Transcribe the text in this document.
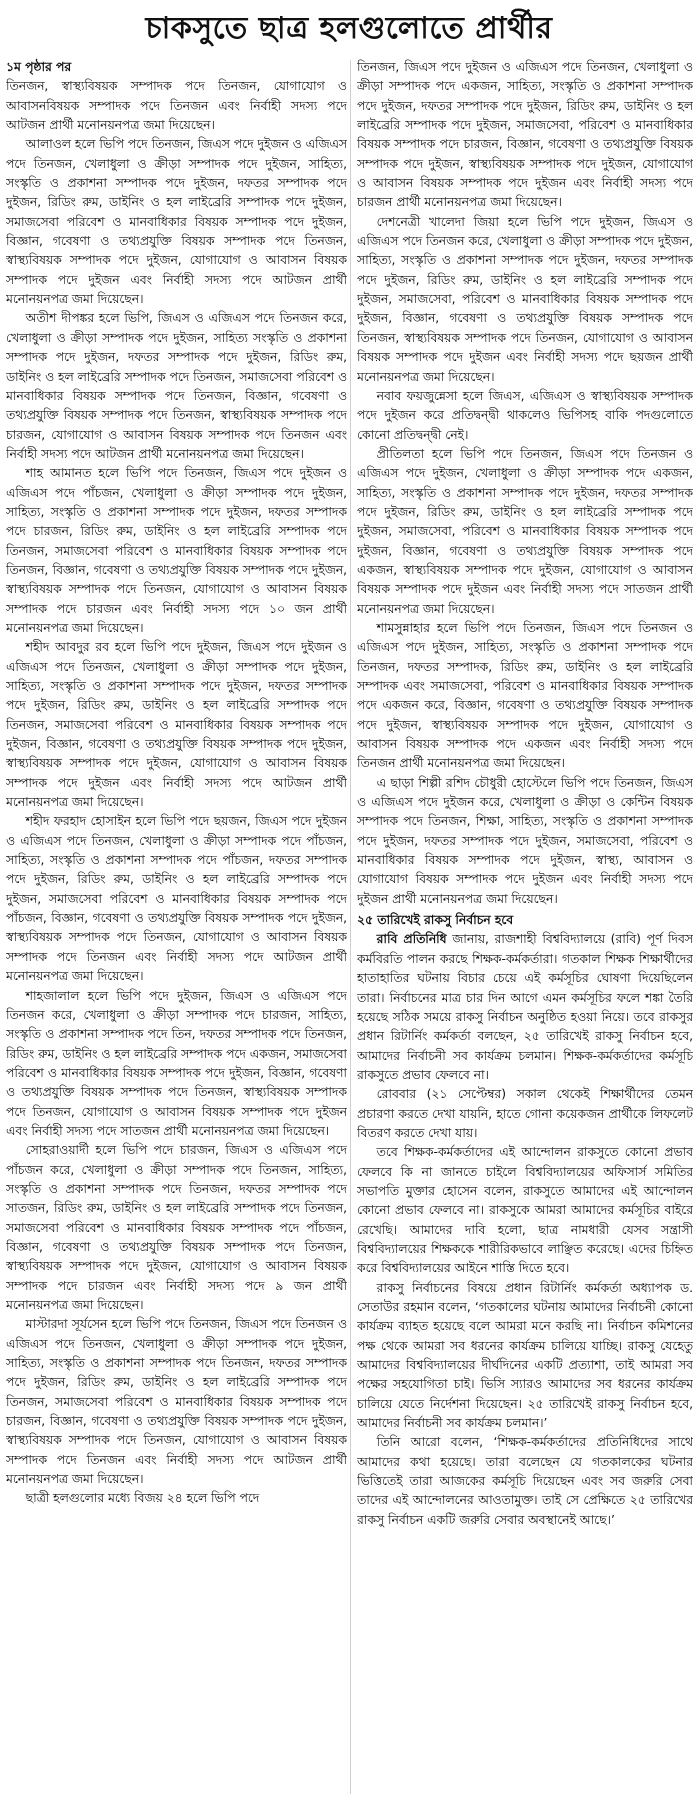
চাকসুতে ছাত্র হলগুলোতে প্রার্থীর
১ম পৃষ্ঠার পর

তিনজন, স্বাস্থ্যবিষয়ক সম্পাদক পদে তিনজন, যোগাযোগ ও আবাসনবিষয়ক সম্পাদক পদে তিনজন এবং নির্বাহী সদস্য পদে আটজন প্রার্থী মনোনয়নপত্র জমা দিয়েছেন।

আলাওল হলে ভিপি পদে তিনজন, জিএস পদে দুইজন ও এজিএস পদে তিনজন, খেলাধুলা ও ক্রীড়া সম্পাদক পদে দুইজন, সাহিত্য, সংস্কৃতি ও প্রকাশনা সম্পাদক পদে দুইজন, দফতর সম্পাদক পদে দুইজন, রিডিং রুম, ডাইনিং ও হল লাইব্রেরি সম্পাদক পদে দুইজন, সমাজসেবা পরিবেশ ও মানবাধিকার বিষয়ক সম্পাদক পদে দুইজন, বিজ্ঞান, গবেষণা ও তথ্যপ্রযুক্তি বিষয়ক সম্পাদক পদে তিনজন, স্বাস্থ্যবিষয়ক সম্পাদক পদে দুইজন, যোগাযোগ ও আবাসন বিষয়ক সম্পাদক পদে দুইজন এবং নির্বাহী সদস্য পদে আটজন প্রার্থী মনোনয়নপত্র জমা দিয়েছেন।

অতীশ দীপঙ্কর হলে ভিপি, জিএস ও এজিএস পদে তিনজন করে, খেলাধুলা ও ক্রীড়া সম্পাদক পদে দুইজন, সাহিত্য সংস্কৃতি ও প্রকাশনা সম্পাদক পদে দুইজন, দফতর সম্পাদক পদে দুইজন, রিডিং রুম, ডাইনিং ও হল লাইব্রেরি সম্পাদক পদে তিনজন, সমাজসেবা পরিবেশ ও মানবাধিকার বিষয়ক সম্পাদক পদে তিনজন, বিজ্ঞান, গবেষণা ও তথ্যপ্রযুক্তি বিষয়ক সম্পাদক পদে তিনজন, স্বাস্থ্যবিষয়ক সম্পাদক পদে চারজন, যোগাযোগ ও আবাসন বিষয়ক সম্পাদক পদে তিনজন এবং নির্বাহী সদস্য পদে আটজন প্রার্থী মনোনয়নপত্র জমা দিয়েছেন।

শাহ আমানত হলে ভিপি পদে তিনজন, জিএস পদে দুইজন ও এজিএস পদে পাঁচজন, খেলাধুলা ও ক্রীড়া সম্পাদক পদে দুইজন, সাহিত্য, সংস্কৃতি ও প্রকাশনা সম্পাদক পদে দুইজন, দফতর সম্পাদক পদে চারজন, রিডিং রুম, ডাইনিং ও হল লাইব্রেরি সম্পাদক পদে তিনজন, সমাজসেবা পরিবেশ ও মানবাধিকার বিষয়ক সম্পাদক পদে তিনজন, বিজ্ঞান, গবেষণা ও তথ্যপ্রযুক্তি বিষয়ক সম্পাদক পদে দুইজন, স্বাস্থ্যবিষয়ক সম্পাদক পদে তিনজন, যোগাযোগ ও আবাসন বিষয়ক সম্পাদক পদে চারজন এবং নির্বাহী সদস্য পদে ১০ জন প্রার্থী মনোনয়নপত্র জমা দিয়েছেন।

শহীদ আবদুর রব হলে ভিপি পদে দুইজন, জিএস পদে দুইজন ও এজিএস পদে তিনজন, খেলাধুলা ও ক্রীড়া সম্পাদক পদে দুইজন, সাহিত্য, সংস্কৃতি ও প্রকাশনা সম্পাদক পদে দুইজন, দফতর সম্পাদক পদে দুইজন, রিডিং রুম, ডাইনিং ও হল লাইব্রেরি সম্পাদক পদে তিনজন, সমাজসেবা পরিবেশ ও মানবাধিকার বিষয়ক সম্পাদক পদে দুইজন, বিজ্ঞান, গবেষণা ও তথ্যপ্রযুক্তি বিষয়ক সম্পাদক পদে দুইজন, স্বাস্থ্যবিষয়ক সম্পাদক পদে দুইজন, যোগাযোগ ও আবাসন বিষয়ক সম্পাদক পদে দুইজন এবং নির্বাহী সদস্য পদে আটজন প্রার্থী মনোনয়নপত্র জমা দিয়েছেন।

শহীদ ফরহাদ হোসাইন হলে ভিপি পদে ছয়জন, জিএস পদে দুইজন ও এজিএস পদে তিনজন, খেলাধুলা ও ক্রীড়া সম্পাদক পদে পাঁচজন, সাহিত্য, সংস্কৃতি ও প্রকাশনা সম্পাদক পদে পাঁচজন, দফতর সম্পাদক পদে দুইজন, রিডিং রুম, ডাইনিং ও হল লাইব্রেরি সম্পাদক পদে দুইজন, সমাজসেবা পরিবেশ ও মানবাধিকার বিষয়ক সম্পাদক পদে পাঁচজন, বিজ্ঞান, গবেষণা ও তথ্যপ্রযুক্তি বিষয়ক সম্পাদক পদে দুইজন, স্বাস্থ্যবিষয়ক সম্পাদক পদে তিনজন, যোগাযোগ ও আবাসন বিষয়ক সম্পাদক পদে তিনজন এবং নির্বাহী সদস্য পদে আটজন প্রার্থী মনোনয়নপত্র জমা দিয়েছেন।

শাহজালাল হলে ভিপি পদে দুইজন, জিএস ও এজিএস পদে তিনজন করে, খেলাধুলা ও ক্রীড়া সম্পাদক পদে চারজন, সাহিত্য, সংস্কৃতি ও প্রকাশনা সম্পাদক পদে তিন, দফতর সম্পাদক পদে তিনজন, রিডিং রুম, ডাইনিং ও হল লাইব্রেরি সম্পাদক পদে একজন, সমাজসেবা পরিবেশ ও মানবাধিকার বিষয়ক সম্পাদক পদে দুইজন, বিজ্ঞান, গবেষণা ও তথ্যপ্রযুক্তি বিষয়ক সম্পাদক পদে তিনজন, স্বাস্থ্যবিষয়ক সম্পাদক পদে তিনজন, যোগাযোগ ও আবাসন বিষয়ক সম্পাদক পদে দুইজন এবং নির্বাহী সদস্য পদে সাতজন প্রার্থী মনোনয়নপত্র জমা দিয়েছেন।

সোহরাওয়ার্দী হলে ভিপি পদে চারজন, জিএস ও এজিএস পদে পাঁচজন করে, খেলাধুলা ও ক্রীড়া সম্পাদক পদে তিনজন, সাহিত্য, সংস্কৃতি ও প্রকাশনা সম্পাদক পদে তিনজন, দফতর সম্পাদক পদে সাতজন, রিডিং রুম, ডাইনিং ও হল লাইব্রেরি সম্পাদক পদে তিনজন, সমাজসেবা পরিবেশ ও মানবাধিকার বিষয়ক সম্পাদক পদে পাঁচজন, বিজ্ঞান, গবেষণা ও তথ্যপ্রযুক্তি বিষয়ক সম্পাদক পদে তিনজন, স্বাস্থ্যবিষয়ক সম্পাদক পদে দুইজন, যোগাযোগ ও আবাসন বিষয়ক সম্পাদক পদে চারজন এবং নির্বাহী সদস্য পদে ৯ জন প্রার্থী মনোনয়নপত্র জমা দিয়েছেন।

মাস্টারদা সূর্যসেন হলে ভিপি পদে তিনজন, জিএস পদে তিনজন ও এজিএস পদে তিনজন, খেলাধুলা ও ক্রীড়া সম্পাদক পদে দুইজন, সাহিত্য, সংস্কৃতি ও প্রকাশনা সম্পাদক পদে তিনজন, দফতর সম্পাদক পদে দুইজন, রিডিং রুম, ডাইনিং ও হল লাইব্রেরি সম্পাদক পদে তিনজন, সমাজসেবা পরিবেশ ও মানবাধিকার বিষয়ক সম্পাদক পদে চারজন, বিজ্ঞান, গবেষণা ও তথ্যপ্রযুক্তি বিষয়ক সম্পাদক পদে দুইজন, স্বাস্থ্যবিষয়ক সম্পাদক পদে তিনজন, যোগাযোগ ও আবাসন বিষয়ক সম্পাদক পদে তিনজন এবং নির্বাহী সদস্য পদে আটজন প্রার্থী মনোনয়নপত্র জমা দিয়েছেন।

ছাত্রী হলগুলোর মধ্যে বিজয় ২৪ হলে ভিপি পদে

তিনজন, জিএস পদে দুইজন ও এজিএস পদে তিনজন, খেলাধুলা ও ক্রীড়া সম্পাদক পদে একজন, সাহিত্য, সংস্কৃতি ও প্রকাশনা সম্পাদক পদে দুইজন, দফতর সম্পাদক পদে দুইজন, রিডিং রুম, ডাইনিং ও হল লাইব্রেরি সম্পাদক পদে দুইজন, সমাজসেবা, পরিবেশ ও মানবাধিকার বিষয়ক সম্পাদক পদে চারজন, বিজ্ঞান, গবেষণা ও তথ্যপ্রযুক্তি বিষয়ক সম্পাদক পদে দুইজন, স্বাস্থ্যবিষয়ক সম্পাদক পদে দুইজন, যোগাযোগ ও আবাসন বিষয়ক সম্পাদক পদে দুইজন এবং নির্বাহী সদস্য পদে চারজন প্রার্থী মনোনয়নপত্র জমা দিয়েছেন।

দেশনেত্রী খালেদা জিয়া হলে ভিপি পদে দুইজন, জিএস ও এজিএস পদে তিনজন করে, খেলাধুলা ও ক্রীড়া সম্পাদক পদে দুইজন, সাহিত্য, সংস্কৃতি ও প্রকাশনা সম্পাদক পদে দুইজন, দফতর সম্পাদক পদে দুইজন, রিডিং রুম, ডাইনিং ও হল লাইব্রেরি সম্পাদক পদে দুইজন, সমাজসেবা, পরিবেশ ও মানবাধিকার বিষয়ক সম্পাদক পদে দুইজন, বিজ্ঞান, গবেষণা ও তথ্যপ্রযুক্তি বিষয়ক সম্পাদক পদে তিনজন, স্বাস্থ্যবিষয়ক সম্পাদক পদে তিনজন, যোগাযোগ ও আবাসন বিষয়ক সম্পাদক পদে দুইজন এবং নির্বাহী সদস্য পদে ছয়জন প্রার্থী মনোনয়নপত্র জমা দিয়েছেন।

নবাব ফয়জুন্নেসা হলে জিএস, এজিএস ও স্বাস্থ্যবিষয়ক সম্পাদক পদে দুইজন করে প্রতিদ্বন্দ্বী থাকলেও ভিপিসহ বাকি পদগুলোতে কোনো প্রতিদ্বন্দ্বী নেই।

প্রীতিলতা হলে ভিপি পদে তিনজন, জিএস পদে তিনজন ও এজিএস পদে দুইজন, খেলাধুলা ও ক্রীড়া সম্পাদক পদে একজন, সাহিত্য, সংস্কৃতি ও প্রকাশনা সম্পাদক পদে দুইজন, দফতর সম্পাদক পদে দুইজন, রিডিং রুম, ডাইনিং ও হল লাইব্রেরি সম্পাদক পদে দুইজন, সমাজসেবা, পরিবেশ ও মানবাধিকার বিষয়ক সম্পাদক পদে দুইজন, বিজ্ঞান, গবেষণা ও তথ্যপ্রযুক্তি বিষয়ক সম্পাদক পদে একজন, স্বাস্থ্যবিষয়ক সম্পাদক পদে দুইজন, যোগাযোগ ও আবাসন বিষয়ক সম্পাদক পদে দুইজন এবং নির্বাহী সদস্য পদে সাতজন প্রার্থী মনোনয়নপত্র জমা দিয়েছেন।

শামসুন্নাহার হলে ভিপি পদে তিনজন, জিএস পদে তিনজন ও এজিএস পদে দুইজন, সাহিত্য, সংস্কৃতি ও প্রকাশনা সম্পাদক পদে তিনজন, দফতর সম্পাদক, রিডিং রুম, ডাইনিং ও হল লাইব্রেরি সম্পাদক এবং সমাজসেবা, পরিবেশ ও মানবাধিকার বিষয়ক সম্পাদক পদে একজন করে, বিজ্ঞান, গবেষণা ও তথ্যপ্রযুক্তি বিষয়ক সম্পাদক পদে দুইজন, স্বাস্থ্যবিষয়ক সম্পাদক পদে দুইজন, যোগাযোগ ও আবাসন বিষয়ক সম্পাদক পদে একজন এবং নির্বাহী সদস্য পদে তিনজন প্রার্থী মনোনয়নপত্র জমা দিয়েছেন।

এ ছাড়া শিল্পী রশিদ চৌধুরী হোস্টেলে ভিপি পদে তিনজন, জিএস ও এজিএস পদে দুইজন করে, খেলাধুলা ও ক্রীড়া ও কেন্টিন বিষয়ক সম্পাদক পদে তিনজন, শিক্ষা, সাহিত্য, সংস্কৃতি ও প্রকাশনা সম্পাদক পদে দুইজন, দফতর সম্পাদক পদে দুইজন, সমাজসেবা, পরিবেশ ও মানবাধিকার বিষয়ক সম্পাদক পদে দুইজন, স্বাস্থ্য, আবাসন ও যোগাযোগ বিষয়ক সম্পাদক পদে দুইজন এবং নির্বাহী সদস্য পদে দুইজন প্রার্থী মনোনয়নপত্র জমা দিয়েছেন।

২৫ তারিখেই রাকসু নির্বাচন হবে

রাবি প্রতিনিধি জানায়, রাজশাহী বিশ্ববিদ্যালয়ে (রাবি) পূর্ণ দিবস কর্মবিরতি পালন করছে শিক্ষক-কর্মকর্তারা। গতকাল শিক্ষক শিক্ষার্থীদের হাতাহাতির ঘটনায় বিচার চেয়ে এই কর্মসূচির ঘোষণা দিয়েছিলেন তারা। নির্বাচনের মাত্র চার দিন আগে এমন কর্মসূচির ফলে শঙ্কা তৈরি হয়েছে সঠিক সময়ে রাকসু নির্বাচন অনুষ্ঠিত হওয়া নিয়ে। তবে রাকসুর প্রধান রিটার্নিং কর্মকর্তা বলছেন, ২৫ তারিখেই রাকসু নির্বাচন হবে, আমাদের নির্বাচনী সব কার্যক্রম চলমান। শিক্ষক-কর্মকর্তাদের কর্মসূচি রাকসুতে প্রভাব ফেলবে না।

রোববার (২১ সেপ্টেম্বর) সকাল থেকেই শিক্ষার্থীদের তেমন প্রচারণা করতে দেখা যায়নি, হাতে গোনা কয়েকজন প্রার্থীকে লিফলেট বিতরণ করতে দেখা যায়।

তবে শিক্ষক-কর্মকর্তাদের এই আন্দোলন রাকসুতে কোনো প্রভাব ফেলবে কি না জানতে চাইলে বিশ্ববিদ্যালয়ের অফিসার্স সমিতির সভাপতি মুক্তার হোসেন বলেন, রাকসুতে আমাদের এই আন্দোলন কোনো প্রভাব ফেলবে না। রাকসুকে আমরা আমাদের কর্মসূচির বাইরে রেখেছি। আমাদের দাবি হলো, ছাত্র নামধারী যেসব সন্ত্রাসী বিশ্ববিদ্যালয়ের শিক্ষককে শারীরিকভাবে লাঞ্ছিত করেছে। এদের চিহ্নিত করে বিশ্ববিদ্যালয়ের আইনে শাস্তি দিতে হবে।

রাকসু নির্বাচনের বিষয়ে প্রধান রিটার্নিং কর্মকর্তা অধ্যাপক ড. সেতাউর রহমান বলেন, ‘গতকালের ঘটনায় আমাদের নির্বাচনী কোনো কার্যক্রম ব্যাহত হয়েছে বলে আমরা মনে করছি না। নির্বাচন কমিশনের পক্ষ থেকে আমরা সব ধরনের কার্যক্রম চালিয়ে যাচ্ছি। রাকসু যেহেতু আমাদের বিশ্ববিদ্যালয়ের দীর্ঘদিনের একটি প্রত্যাশা, তাই আমরা সব পক্ষের সহযোগিতা চাই। ভিসি স্যারও আমাদের সব ধরনের কার্যক্রম চালিয়ে যেতে নির্দেশনা দিয়েছেন। ২৫ তারিখেই রাকসু নির্বাচন হবে, আমাদের নির্বাচনী সব কার্যক্রম চলমান।’

তিনি আরো বলেন, ‘শিক্ষক-কর্মকর্তাদের প্রতিনিধিদের সাথে আমাদের কথা হয়েছে। তারা বলেছেন যে গতকালকের ঘটনার ভিত্তিতেই তারা আজকের কর্মসূচি দিয়েছেন এবং সব জরুরি সেবা তাদের এই আন্দোলনের আওতামুক্ত। তাই সে প্রেক্ষিতে ২৫ তারিখের রাকসু নির্বাচন একটি জরুরি সেবার অবস্থানেই আছে।’
